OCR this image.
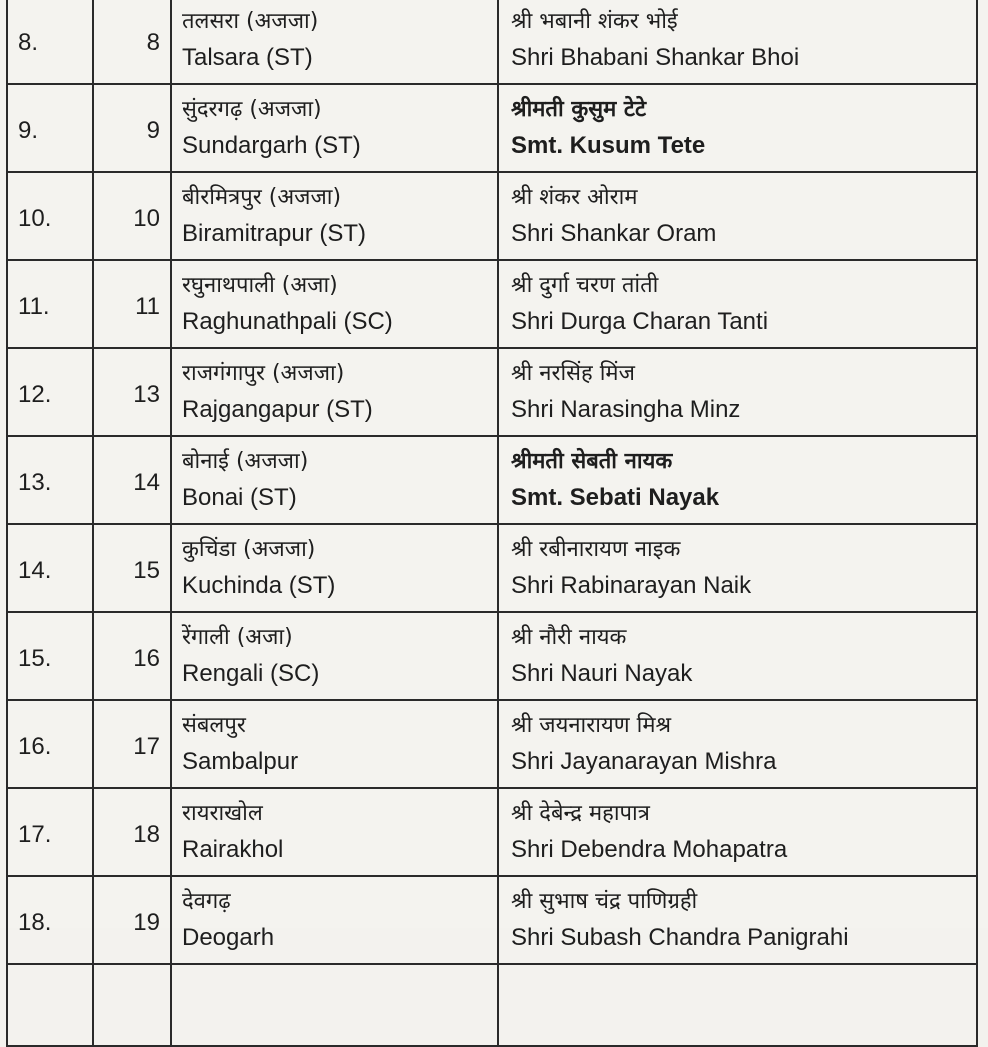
8.	8	तलसरा (अजजा)
Talsara (ST)	श्री भबानी शंकर भोई
Shri Bhabani Shankar Bhoi

9.	9	सुंदरगढ़ (अजजा)
Sundargarh (ST)	श्रीमती कुसुम टेटे
Smt. Kusum Tete

10.	10	बीरमित्रपुर (अजजा)
Biramitrapur (ST)	श्री शंकर ओराम
Shri Shankar Oram

11.	11	रघुनाथपाली (अजा)
Raghunathpali (SC)	श्री दुर्गा चरण तांती
Shri Durga Charan Tanti

12.	13	राजगंगापुर (अजजा)
Rajgangapur (ST)	श्री नरसिंह मिंज
Shri Narasingha Minz

13.	14	बोनाई (अजजा)
Bonai (ST)	श्रीमती सेबती नायक
Smt. Sebati Nayak

14.	15	कुचिंडा (अजजा)
Kuchinda (ST)	श्री रबीनारायण नाइक
Shri Rabinarayan Naik

15.	16	रेंगाली (अजा)
Rengali (SC)	श्री नौरी नायक
Shri Nauri Nayak

16.	17	संबलपुर
Sambalpur	श्री जयनारायण मिश्र
Shri Jayanarayan Mishra

17.	18	रायराखोल
Rairakhol	श्री देबेन्द्र महापात्र
Shri Debendra Mohapatra

18.	19	देवगढ़
Deogarh	श्री सुभाष चंद्र पाणिग्रही
Shri Subash Chandra Panigrahi
